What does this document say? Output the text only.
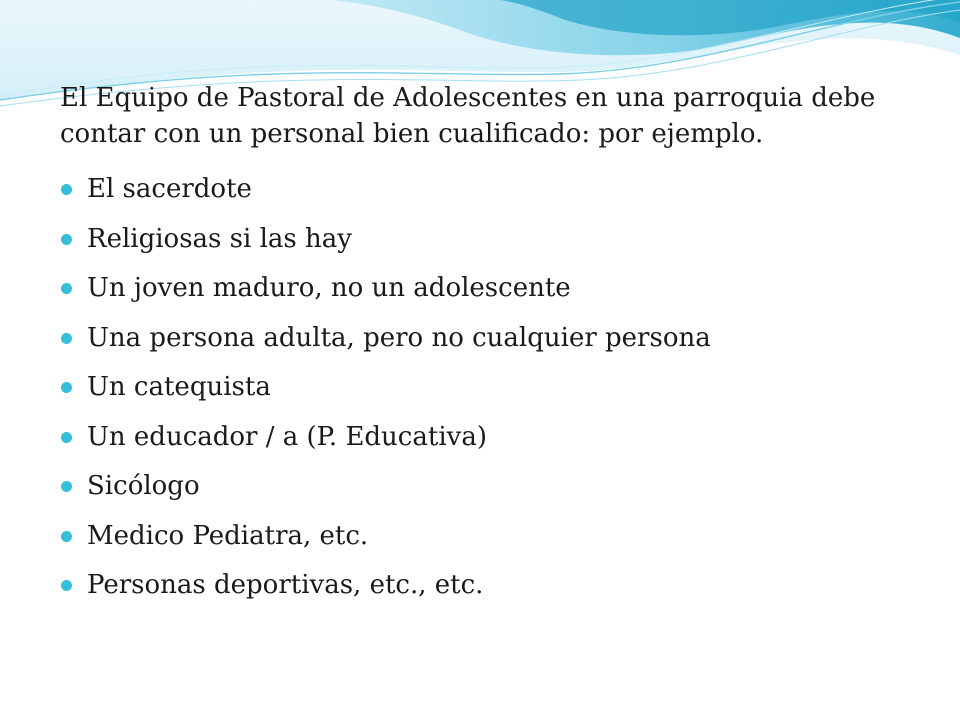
El Equipo de Pastoral de Adolescentes en una parroquia debe contar con un personal bien cualificado: por ejemplo.

El sacerdote
Religiosas si las hay
Un joven maduro, no un adolescente
Una persona adulta, pero no cualquier persona
Un catequista
Un educador / a (P. Educativa)
Sicólogo
Medico Pediatra, etc.
Personas deportivas, etc., etc.
